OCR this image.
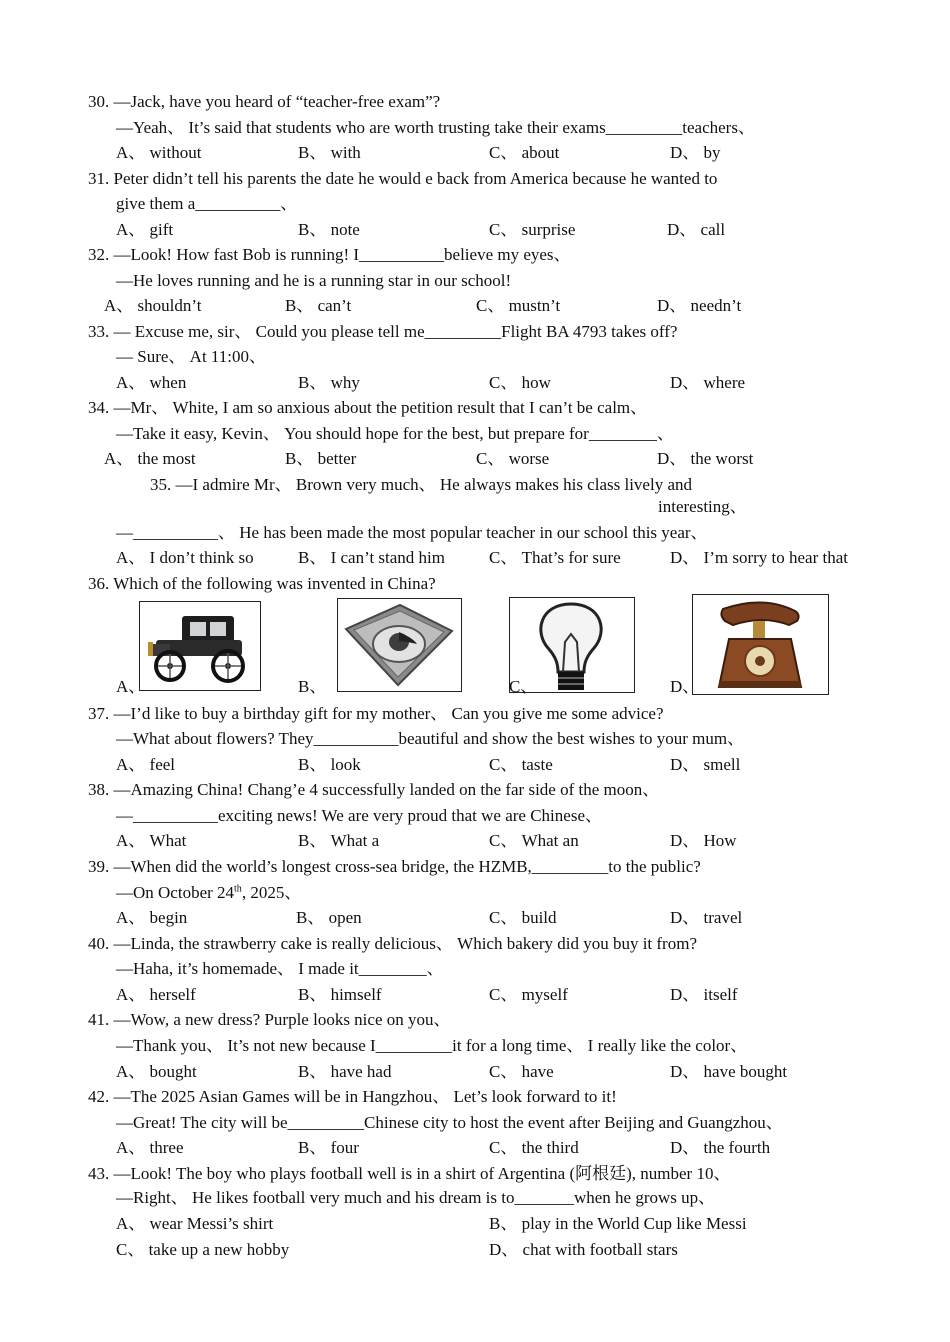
30. —Jack, have you heard of “teacher-free exam”?
—Yeah、 It’s said that students who are worth trusting take their exams_________teachers、
A、 without	B、 with	C、 about	D、 by
31. Peter didn’t tell his parents the date he would e back from America because he wanted to
give them a__________、
A、 gift	B、 note	C、 surprise	D、 call
32. —Look! How fast Bob is running! I__________believe my eyes、
—He loves running and he is a running star in our school!
A、 shouldn’t	B、 can’t	C、 mustn’t	D、 needn’t
33. — Excuse me, sir、 Could you please tell me_________Flight BA 4793 takes off?
— Sure、 At 11:00、
A、 when	B、 why	C、 how	D、 where
34. —Mr、 White, I am so anxious about the petition result that I can’t be calm、
—Take it easy, Kevin、 You should hope for the best, but prepare for________、
A、 the most	B、 better	C、 worse	D、 the worst
35. —I admire Mr、 Brown very much、 He always makes his class lively and
interesting、
—__________、 He has been made the most popular teacher in our school this year、
A、 I don’t think so	B、 I can’t stand him	C、 That’s for sure	D、 I’m sorry to hear that
36. Which of the following was invented in China?
A、	B、	C、	D、
37. —I’d like to buy a birthday gift for my mother、 Can you give me some advice?
—What about flowers? They__________beautiful and show the best wishes to your mum、
A、 feel	B、 look	C、 taste	D、 smell
38. —Amazing China! Chang’e 4 successfully landed on the far side of the moon、
—__________exciting news! We are very proud that we are Chinese、
A、 What	B、 What a	C、 What an	D、 How
39. —When did the world’s longest cross-sea bridge, the HZMB,_________to the public?
—On October 24th, 2025、
A、 begin	B、 open	C、 build	D、 travel
40. —Linda, the strawberry cake is really delicious、 Which bakery did you buy it from?
—Haha, it’s homemade、 I made it________、
A、 herself	B、 himself	C、 myself	D、 itself
41. —Wow, a new dress? Purple looks nice on you、
—Thank you、 It’s not new because I_________it for a long time、 I really like the color、
A、 bought	B、 have had	C、 have	D、 have bought
42. —The 2025 Asian Games will be in Hangzhou、 Let’s look forward to it!
—Great! The city will be_________Chinese city to host the event after Beijing and Guangzhou、
A、 three	B、 four	C、 the third	D、 the fourth
43. —Look! The boy who plays football well is in a shirt of Argentina (阿根廷), number 10、
—Right、 He likes football very much and his dream is to_______when he grows up、
A、 wear Messi’s shirt	B、 play in the World Cup like Messi
C、 take up a new hobby	D、 chat with football stars
